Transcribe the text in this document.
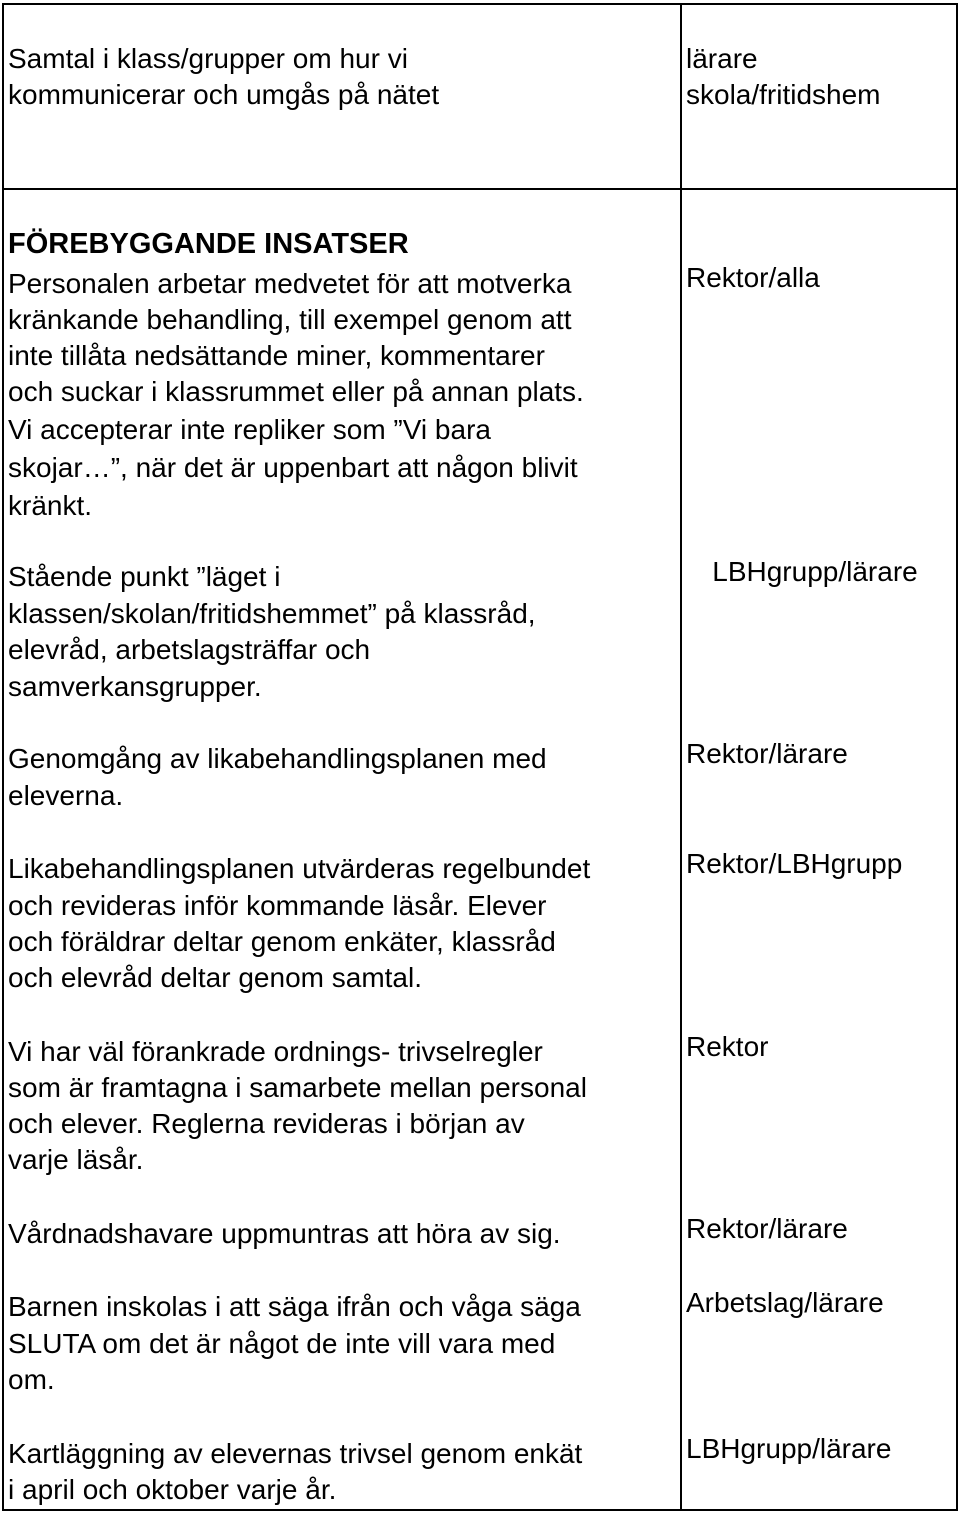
Samtal i klass/grupper om hur vi
kommunicerar och umgås på nätet
lärare
skola/fritidshem
FÖREBYGGANDE INSATSER
Personalen arbetar medvetet för att motverka
kränkande behandling, till exempel genom att
inte tillåta nedsättande miner, kommentarer
och suckar i klassrummet eller på annan plats.
Vi accepterar inte repliker som ”Vi bara
skojar…”, när det är uppenbart att någon blivit
kränkt.
Rektor/alla
Stående punkt ”läget i
klassen/skolan/fritidshemmet” på klassråd,
elevråd, arbetslagsträffar och
samverkansgrupper.
LBHgrupp/lärare
Genomgång av likabehandlingsplanen med
eleverna.
Rektor/lärare
Likabehandlingsplanen utvärderas regelbundet
och revideras inför kommande läsår. Elever
och föräldrar deltar genom enkäter, klassråd
och elevråd deltar genom samtal.
Rektor/LBHgrupp
Vi har väl förankrade ordnings- trivselregler
som är framtagna i samarbete mellan personal
och elever. Reglerna revideras i början av
varje läsår.
Rektor
Vårdnadshavare uppmuntras att höra av sig.	Rektor/lärare
Barnen inskolas i att säga ifrån och våga säga
SLUTA om det är något de inte vill vara med
om.
Arbetslag/lärare
Kartläggning av elevernas trivsel genom enkät
i april och oktober varje år.
LBHgrupp/lärare
